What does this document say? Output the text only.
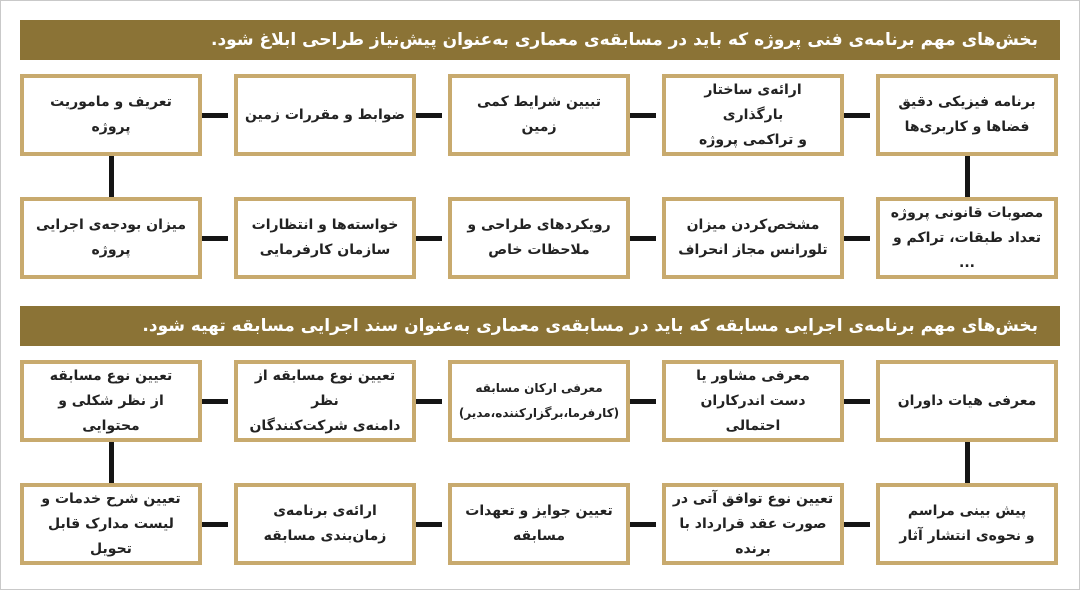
بخش‌های مهم برنامه‌ی فنی پروژه که باید در مسابقه‌ی معماری به‌عنوان پیش‌نیاز طراحی ابلاغ شود.
برنامه فیزیکی دقیق
فضاها و کاربری‌ها
ارائه‌ی ساختار بارگذاری
و تراکمی پروژه
تبیین شرایط کمی زمین
ضوابط و مقررات زمین
تعریف و ماموریت پروژه
مصوبات قانونی پروژه
تعداد طبقات، تراکم و ...
مشخص‌کردن میزان
تلورانس مجاز انحراف
رویکردهای طراحی و
ملاحظات خاص
خواسته‌ها و انتظارات
سازمان کارفرمایی
میزان بودجه‌ی اجرایی
پروژه
بخش‌های مهم برنامه‌ی اجرایی مسابقه که باید در مسابقه‌ی معماری به‌عنوان سند اجرایی مسابقه تهیه شود.
معرفی هیات داوران
معرفی مشاور یا
دست اندرکاران احتمالی
معرفی ارکان مسابقه
(کارفرما،برگزارکننده،مدیر)
تعیین نوع مسابقه از نظر
دامنه‌ی شرکت‌کنندگان
تعیین نوع مسابقه
از نظر شکلی و محتوایی
پیش بینی مراسم
و نحوه‌ی انتشار آثار
تعیین نوع توافق آتی در
صورت عقد قرارداد با برنده
تعیین جوایز و تعهدات
مسابقه
ارائه‌ی برنامه‌ی
زمان‌بندی مسابقه
تعیین شرح خدمات و
لیست مدارک قابل تحویل
